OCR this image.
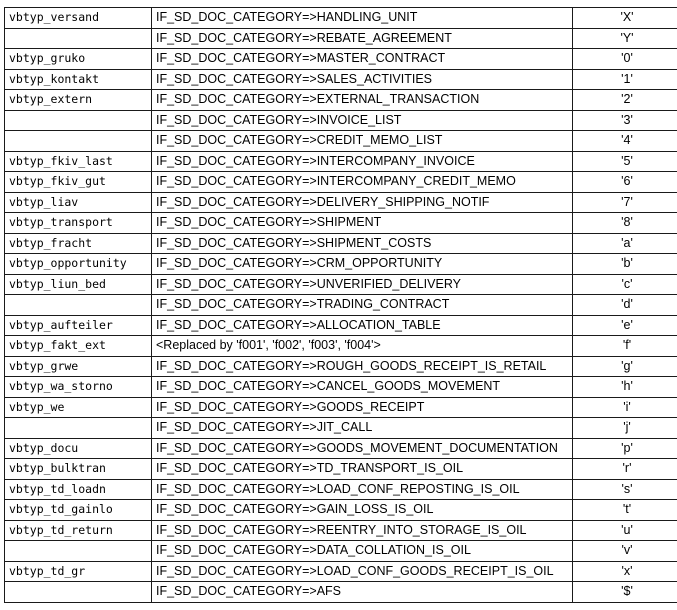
vbtyp_versand	IF_SD_DOC_CATEGORY=>HANDLING_UNIT	'X'
	IF_SD_DOC_CATEGORY=>REBATE_AGREEMENT	'Y'
vbtyp_gruko	IF_SD_DOC_CATEGORY=>MASTER_CONTRACT	'0'
vbtyp_kontakt	IF_SD_DOC_CATEGORY=>SALES_ACTIVITIES	'1'
vbtyp_extern	IF_SD_DOC_CATEGORY=>EXTERNAL_TRANSACTION	'2'
	IF_SD_DOC_CATEGORY=>INVOICE_LIST	'3'
	IF_SD_DOC_CATEGORY=>CREDIT_MEMO_LIST	'4'
vbtyp_fkiv_last	IF_SD_DOC_CATEGORY=>INTERCOMPANY_INVOICE	'5'
vbtyp_fkiv_gut	IF_SD_DOC_CATEGORY=>INTERCOMPANY_CREDIT_MEMO	'6'
vbtyp_liav	IF_SD_DOC_CATEGORY=>DELIVERY_SHIPPING_NOTIF	'7'
vbtyp_transport	IF_SD_DOC_CATEGORY=>SHIPMENT	'8'
vbtyp_fracht	IF_SD_DOC_CATEGORY=>SHIPMENT_COSTS	'a'
vbtyp_opportunity	IF_SD_DOC_CATEGORY=>CRM_OPPORTUNITY	'b'
vbtyp_liun_bed	IF_SD_DOC_CATEGORY=>UNVERIFIED_DELIVERY	'c'
	IF_SD_DOC_CATEGORY=>TRADING_CONTRACT	'd'
vbtyp_aufteiler	IF_SD_DOC_CATEGORY=>ALLOCATION_TABLE	'e'
vbtyp_fakt_ext	<Replaced by 'f001', 'f002', 'f003', 'f004'>	'f'
vbtyp_grwe	IF_SD_DOC_CATEGORY=>ROUGH_GOODS_RECEIPT_IS_RETAIL	'g'
vbtyp_wa_storno	IF_SD_DOC_CATEGORY=>CANCEL_GOODS_MOVEMENT	'h'
vbtyp_we	IF_SD_DOC_CATEGORY=>GOODS_RECEIPT	'i'
	IF_SD_DOC_CATEGORY=>JIT_CALL	'j'
vbtyp_docu	IF_SD_DOC_CATEGORY=>GOODS_MOVEMENT_DOCUMENTATION	'p'
vbtyp_bulktran	IF_SD_DOC_CATEGORY=>TD_TRANSPORT_IS_OIL	'r'
vbtyp_td_loadn	IF_SD_DOC_CATEGORY=>LOAD_CONF_REPOSTING_IS_OIL	's'
vbtyp_td_gainlo	IF_SD_DOC_CATEGORY=>GAIN_LOSS_IS_OIL	't'
vbtyp_td_return	IF_SD_DOC_CATEGORY=>REENTRY_INTO_STORAGE_IS_OIL	'u'
	IF_SD_DOC_CATEGORY=>DATA_COLLATION_IS_OIL	'v'
vbtyp_td_gr	IF_SD_DOC_CATEGORY=>LOAD_CONF_GOODS_RECEIPT_IS_OIL	'x'
	IF_SD_DOC_CATEGORY=>AFS	'$'
